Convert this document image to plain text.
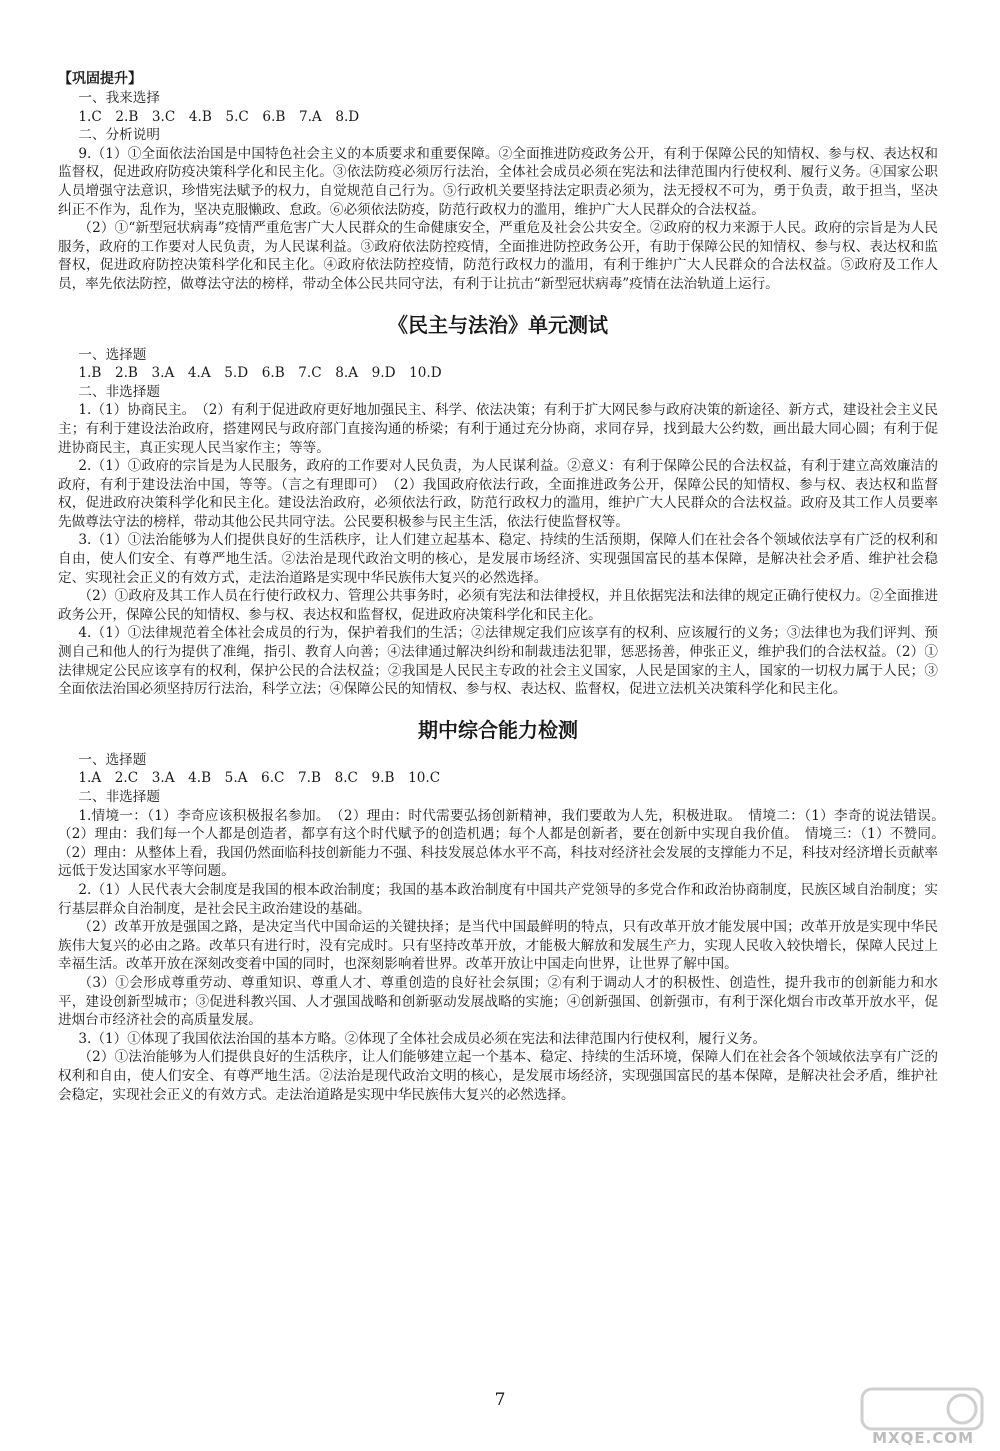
【巩固提升】

一、我来选择

1.C　2.B　3.C　4.B　5.C　6.B　7.A　8.D

二、分析说明

9.（1）①全面依法治国是中国特色社会主义的本质要求和重要保障。②全面推进防疫政务公开，有利于保障公民的知情权、参与权、表达权和监督权，促进政府防疫决策科学化和民主化。③依法防疫必须厉行法治，全体社会成员必须在宪法和法律范围内行使权利、履行义务。④国家公职人员增强守法意识，珍惜宪法赋予的权力，自觉规范自己行为。⑤行政机关要坚持法定职责必须为，法无授权不可为，勇于负责，敢于担当，坚决纠正不作为，乱作为，坚决克服懒政、怠政。⑥必须依法防疫，防范行政权力的滥用，维护广大人民群众的合法权益。

（2）①“新型冠状病毒”疫情严重危害广大人民群众的生命健康安全，严重危及社会公共安全。②政府的权力来源于人民。政府的宗旨是为人民服务，政府的工作要对人民负责，为人民谋利益。③政府依法防控疫情，全面推进防控政务公开，有助于保障公民的知情权、参与权、表达权和监督权，促进政府防控决策科学化和民主化。④政府依法防控疫情，防范行政权力的滥用，有利于维护广大人民群众的合法权益。⑤政府及工作人员，率先依法防控，做尊法守法的榜样，带动全体公民共同守法，有利于让抗击“新型冠状病毒”疫情在法治轨道上运行。

《民主与法治》单元测试

一、选择题

1.B　2.B　3.A　4.A　5.D　6.B　7.C　8.A　9.D　10.D

二、非选择题

1.（1）协商民主。　（2）有利于促进政府更好地加强民主、科学、依法决策；有利于扩大网民参与政府决策的新途径、新方式，建设社会主义民主；有利于建设法治政府，搭建网民与政府部门直接沟通的桥梁；有利于通过充分协商，求同存异，找到最大公约数，画出最大同心圆；有利于促进协商民主，真正实现人民当家作主；等等。

2.（1）①政府的宗旨是为人民服务，政府的工作要对人民负责，为人民谋利益。②意义：有利于保障公民的合法权益，有利于建立高效廉洁的政府，有利于建设法治中国，等等。（言之有理即可）　（2）我国政府依法行政，全面推进政务公开，保障公民的知情权、参与权、表达权和监督权，促进政府决策科学化和民主化。建设法治政府，必须依法行政，防范行政权力的滥用，维护广大人民群众的合法权益。政府及其工作人员要率先做尊法守法的榜样，带动其他公民共同守法。公民要积极参与民主生活，依法行使监督权等。

3.（1）①法治能够为人们提供良好的生活秩序，让人们建立起基本、稳定、持续的生活预期，保障人们在社会各个领域依法享有广泛的权利和自由，使人们安全、有尊严地生活。②法治是现代政治文明的核心，是发展市场经济、实现强国富民的基本保障，是解决社会矛盾、维护社会稳定、实现社会正义的有效方式，走法治道路是实现中华民族伟大复兴的必然选择。

（2）①政府及其工作人员在行使行政权力、管理公共事务时，必须有宪法和法律授权，并且依据宪法和法律的规定正确行使权力。②全面推进政务公开，保障公民的知情权、参与权、表达权和监督权，促进政府决策科学化和民主化。

4.（1）①法律规范着全体社会成员的行为，保护着我们的生活；②法律规定我们应该享有的权利、应该履行的义务；③法律也为我们评判、预测自己和他人的行为提供了准绳，指引、教育人向善；④法律通过解决纠纷和制裁违法犯罪，惩恶扬善，伸张正义，维护我们的合法权益。（2）①法律规定公民应该享有的权利，保护公民的合法权益；②我国是人民民主专政的社会主义国家，人民是国家的主人，国家的一切权力属于人民；③全面依法治国必须坚持厉行法治，科学立法；④保障公民的知情权、参与权、表达权、监督权，促进立法机关决策科学化和民主化。

期中综合能力检测

一、选择题

1.A　2.C　3.A　4.B　5.A　6.C　7.B　8.C　9.B　10.C

二、非选择题

1.情境一：（1）李奇应该积极报名参加。　（2）理由：时代需要弘扬创新精神，我们要敢为人先，积极进取。　情境二：（1）李奇的说法错误。　（2）理由：我们每一个人都是创造者，都享有这个时代赋予的创造机遇；每个人都是创新者，要在创新中实现自我价值。　情境三：（1）不赞同。　（2）理由：从整体上看，我国仍然面临科技创新能力不强、科技发展总体水平不高，科技对经济社会发展的支撑能力不足，科技对经济增长贡献率远低于发达国家水平等问题。

2.（1）人民代表大会制度是我国的根本政治制度；我国的基本政治制度有中国共产党领导的多党合作和政治协商制度，民族区域自治制度；实行基层群众自治制度，是社会民主政治建设的基础。

（2）改革开放是强国之路，是决定当代中国命运的关键抉择；是当代中国最鲜明的特点，只有改革开放才能发展中国；改革开放是实现中华民族伟大复兴的必由之路。改革只有进行时，没有完成时。只有坚持改革开放，才能极大解放和发展生产力，实现人民收入较快增长，保障人民过上幸福生活。改革开放在深刻改变着中国的同时，也深刻影响着世界。改革开放让中国走向世界，让世界了解中国。

（3）①会形成尊重劳动、尊重知识、尊重人才、尊重创造的良好社会氛围；②有利于调动人才的积极性、创造性，提升我市的创新能力和水平，建设创新型城市；③促进科教兴国、人才强国战略和创新驱动发展战略的实施；④创新强国、创新强市，有利于深化烟台市改革开放水平，促进烟台市经济社会的高质量发展。

3.（1）①体现了我国依法治国的基本方略。②体现了全体社会成员必须在宪法和法律范围内行使权利，履行义务。

（2）①法治能够为人们提供良好的生活秩序，让人们能够建立起一个基本、稳定、持续的生活环境，保障人们在社会各个领域依法享有广泛的权利和自由，使人们安全、有尊严地生活。②法治是现代政治文明的核心，是发展市场经济，实现强国富民的基本保障，是解决社会矛盾，维护社会稳定，实现社会正义的有效方式。走法治道路是实现中华民族伟大复兴的必然选择。

7
MXQE.COM
